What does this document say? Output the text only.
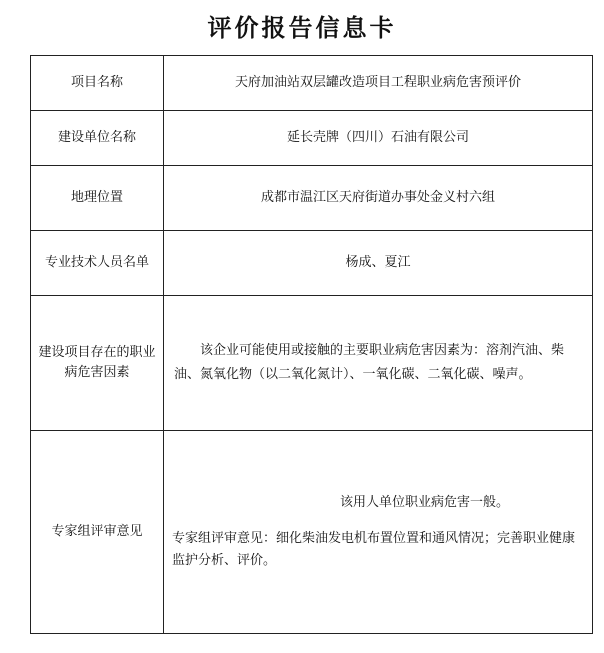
评价报告信息卡
项目名称	天府加油站双层罐改造项目工程职业病危害预评价

建设单位名称	延长壳牌（四川）石油有限公司

地理位置	成都市温江区天府街道办事处金义村六组

专业技术人员名单	杨成、夏江

建设项目存在的职业病危害因素	该企业可能使用或接触的主要职业病危害因素为：溶剂汽油、柴油、氮氧化物（以二氧化氮计）、一氧化碳、二氧化碳、噪声。

专家组评审意见	该用人单位职业病危害一般。
专家组评审意见：细化柴油发电机布置位置和通风情况；完善职业健康监护分析、评价。
